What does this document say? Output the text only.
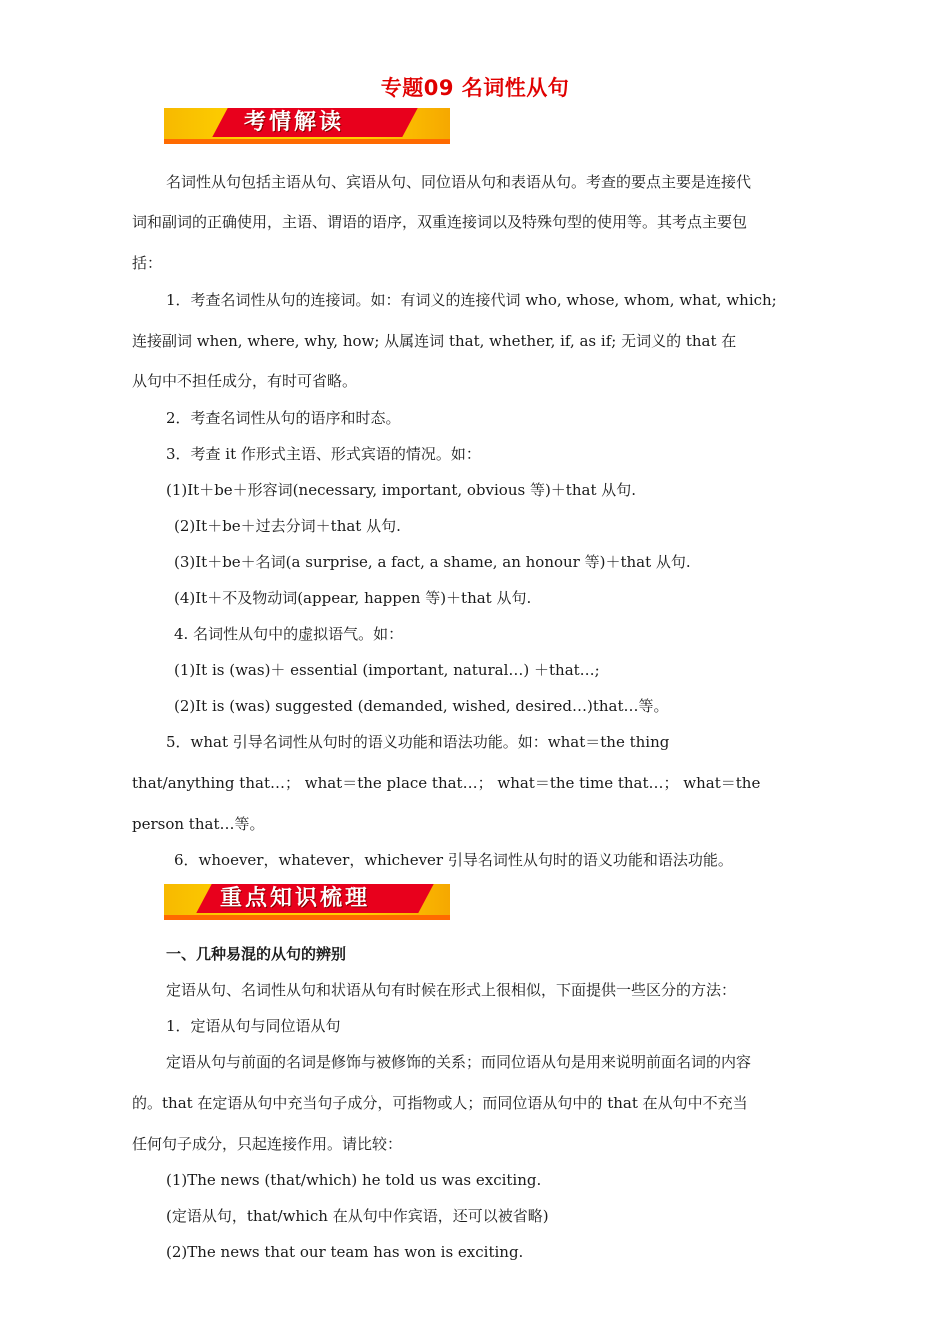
专题09 名词性从句
考情解读
名词性从句包括主语从句、宾语从句、同位语从句和表语从句。考查的要点主要是连接代
词和副词的正确使用，主语、谓语的语序，双重连接词以及特殊句型的使用等。其考点主要包
括：
1．考查名词性从句的连接词。如：有词义的连接代词 who, whose, whom, what, which;
连接副词 when, where, why, how; 从属连词 that, whether, if, as if; 无词义的 that 在
从句中不担任成分，有时可省略。
2．考查名词性从句的语序和时态。
3．考查 it 作形式主语、形式宾语的情况。如：
(1)It＋be＋形容词(necessary, important, obvious 等)＋that 从句.
(2)It＋be＋过去分词＋that 从句.
(3)It＋be＋名词(a surprise, a fact, a shame, an honour 等)＋that 从句.
(4)It＋不及物动词(appear, happen 等)＋that 从句.
4. 名词性从句中的虚拟语气。如：
(1)It is (was)＋ essential (important, natural…) ＋that…;
(2)It is (was) suggested (demanded, wished, desired…)that…等。
5．what 引导名词性从句时的语义功能和语法功能。如：what＝the thing
that/anything that…； what＝the place that…； what＝the time that…； what＝the
person that…等。
6．whoever，whatever，whichever 引导名词性从句时的语义功能和语法功能。
重点知识梳理
一、几种易混的从句的辨别
定语从句、名词性从句和状语从句有时候在形式上很相似，下面提供一些区分的方法：
1．定语从句与同位语从句
定语从句与前面的名词是修饰与被修饰的关系；而同位语从句是用来说明前面名词的内容
的。that 在定语从句中充当句子成分，可指物或人；而同位语从句中的 that 在从句中不充当
任何句子成分，只起连接作用。请比较：
(1)The news (that/which) he told us was exciting.
(定语从句，that/which 在从句中作宾语，还可以被省略)
(2)The news that our team has won is exciting.
